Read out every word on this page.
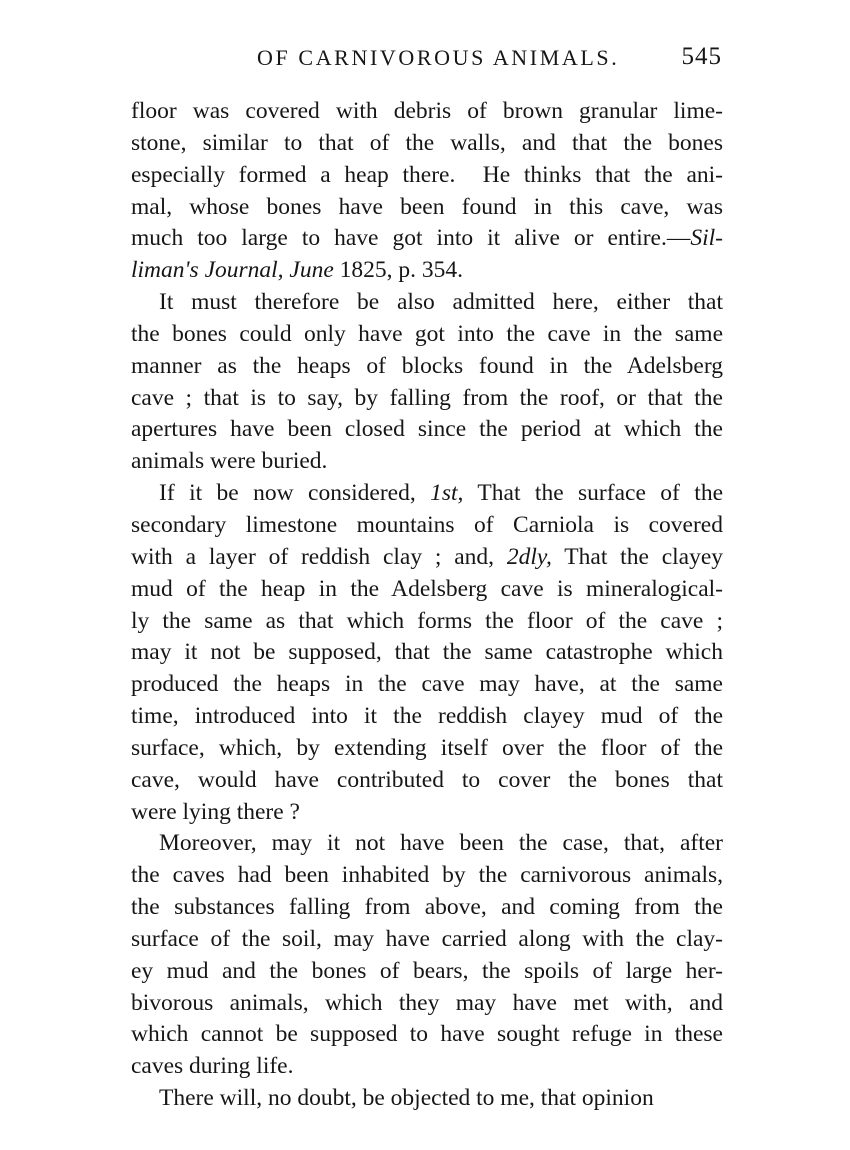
OF CARNIVOROUS ANIMALS. 545
floor was covered with debris of brown granular lime-
stone, similar to that of the walls, and that the bones
especially formed a heap there.  He thinks that the ani-
mal, whose bones have been found in this cave, was
much too large to have got into it alive or entire.—Sil-
liman's Journal, June 1825, p. 354.
It must therefore be also admitted here, either that
the bones could only have got into the cave in the same
manner as the heaps of blocks found in the Adelsberg
cave ; that is to say, by falling from the roof, or that the
apertures have been closed since the period at which the
animals were buried.
If it be now considered, 1st, That the surface of the
secondary limestone mountains of Carniola is covered
with a layer of reddish clay ; and, 2dly, That the clayey
mud of the heap in the Adelsberg cave is mineralogical-
ly the same as that which forms the floor of the cave ;
may it not be supposed, that the same catastrophe which
produced the heaps in the cave may have, at the same
time, introduced into it the reddish clayey mud of the
surface, which, by extending itself over the floor of the
cave, would have contributed to cover the bones that
were lying there ?
Moreover, may it not have been the case, that, after
the caves had been inhabited by the carnivorous animals,
the substances falling from above, and coming from the
surface of the soil, may have carried along with the clay-
ey mud and the bones of bears, the spoils of large her-
bivorous animals, which they may have met with, and
which cannot be supposed to have sought refuge in these
caves during life.
There will, no doubt, be objected to me, that opinion
